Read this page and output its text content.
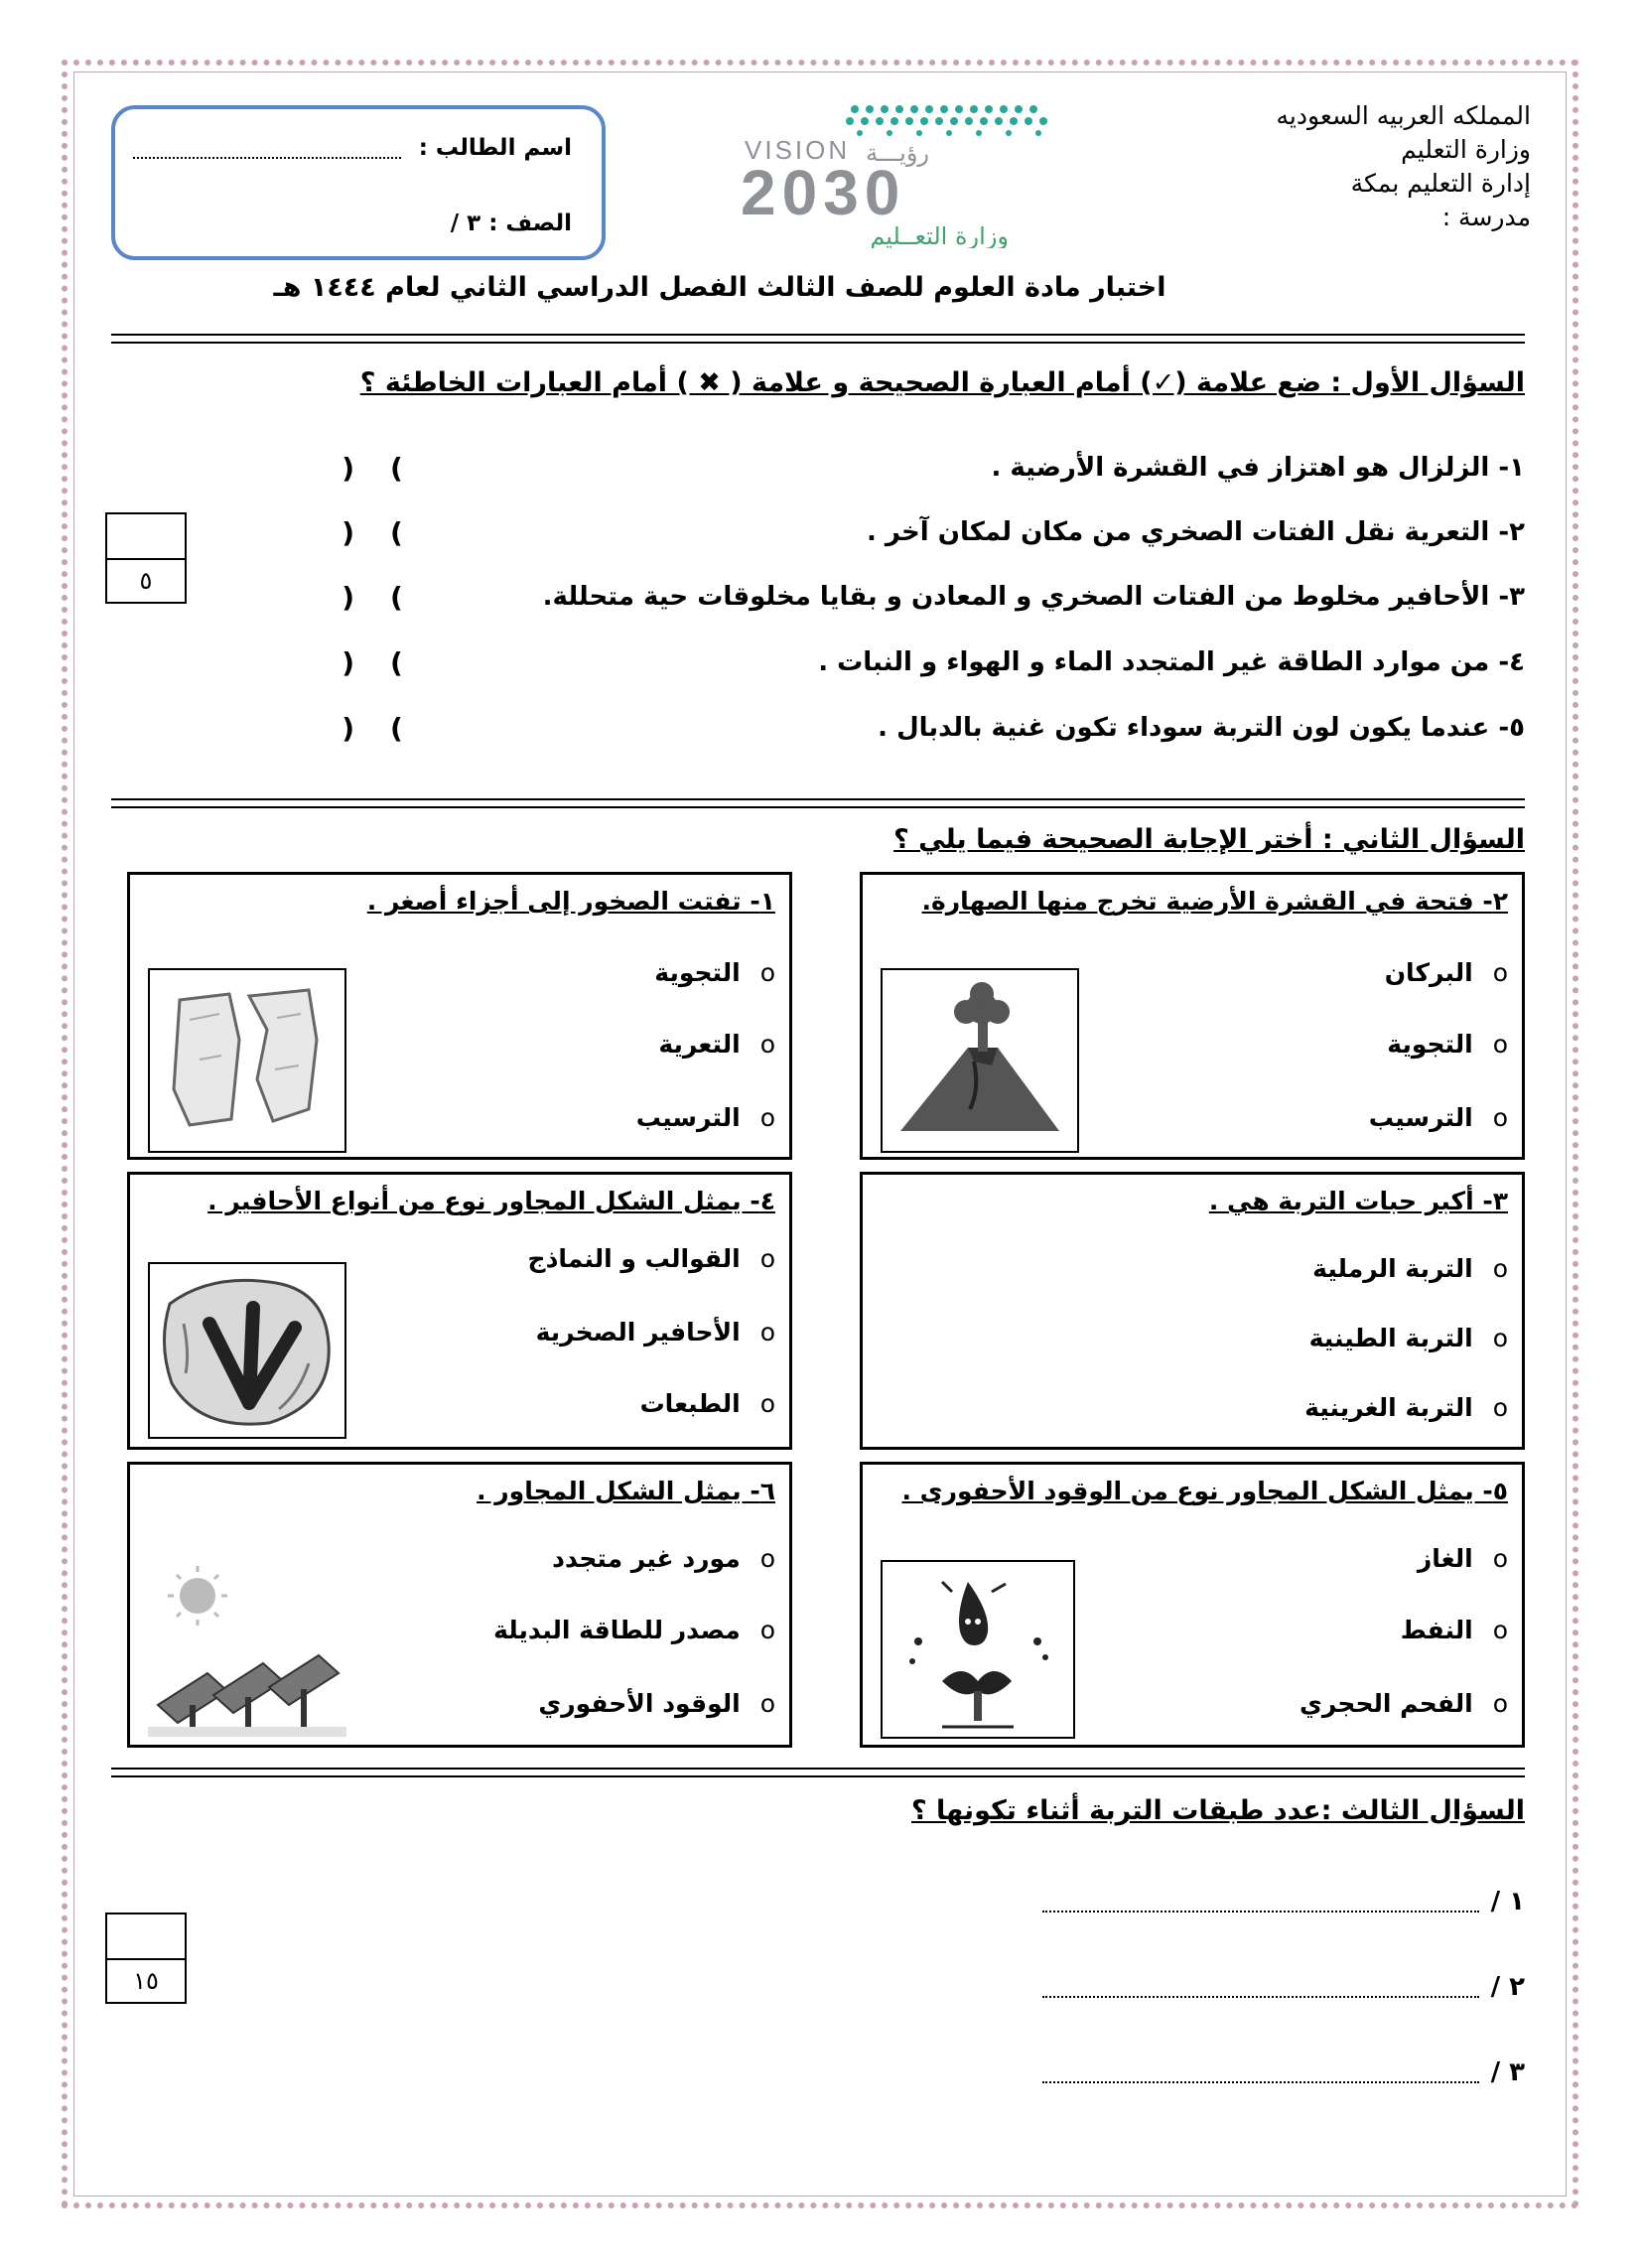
المملكه العربيه السعوديه
وزارة التعليم
إدارة التعليم بمكة
مدرسة :
VISION رؤيـــة
2030
وزارة التعــليم
اسم الطالب :
الصف : ٣ /
اختبار مادة العلوم للصف الثالث الفصل الدراسي الثاني لعام ١٤٤٤ هـ
السؤال الأول : ضع علامة (✓) أمام العبارة الصحيحة و علامة ( ✖ ) أمام العبارات الخاطئة ؟
١- الزلزال هو اهتزاز في القشرة الأرضية .
) (
٢- التعرية نقل الفتات الصخري من مكان لمكان آخر .
) (
٣- الأحافير مخلوط من الفتات الصخري و المعادن و بقايا مخلوقات حية متحللة.
) (
٤- من موارد الطاقة غير المتجدد الماء و الهواء و النبات .
) (
٥- عندما يكون لون التربة سوداء تكون غنية بالدبال .
) (
٥
السؤال الثاني : أختر الإجابة الصحيحة فيما يلي ؟
٢- فتحة في القشرة الأرضية تخرج منها الصهارة.
oالبركان
oالتجوية
oالترسيب
١- تفتت الصخور إلى أجزاء أصغر .
oالتجوية
oالتعرية
oالترسيب
٣- أكبر حبات التربة هي .
oالتربة الرملية
oالتربة الطينية
oالتربة الغرينية
٤- يمثل الشكل المجاور نوع من أنواع الأحافير .
oالقوالب و النماذج
oالأحافير الصخرية
oالطبعات
٥- يمثل الشكل المجاور نوع من الوقود الأحفورى .
oالغاز
oالنفط
oالفحم الحجري
٦- يمثل الشكل المجاور .
oمورد غير متجدد
oمصدر للطاقة البديلة
oالوقود الأحفوري
السؤال الثالث :عدد طبقات التربة أثناء تكونها ؟
١ /
٢ /
٣ /
١٥
